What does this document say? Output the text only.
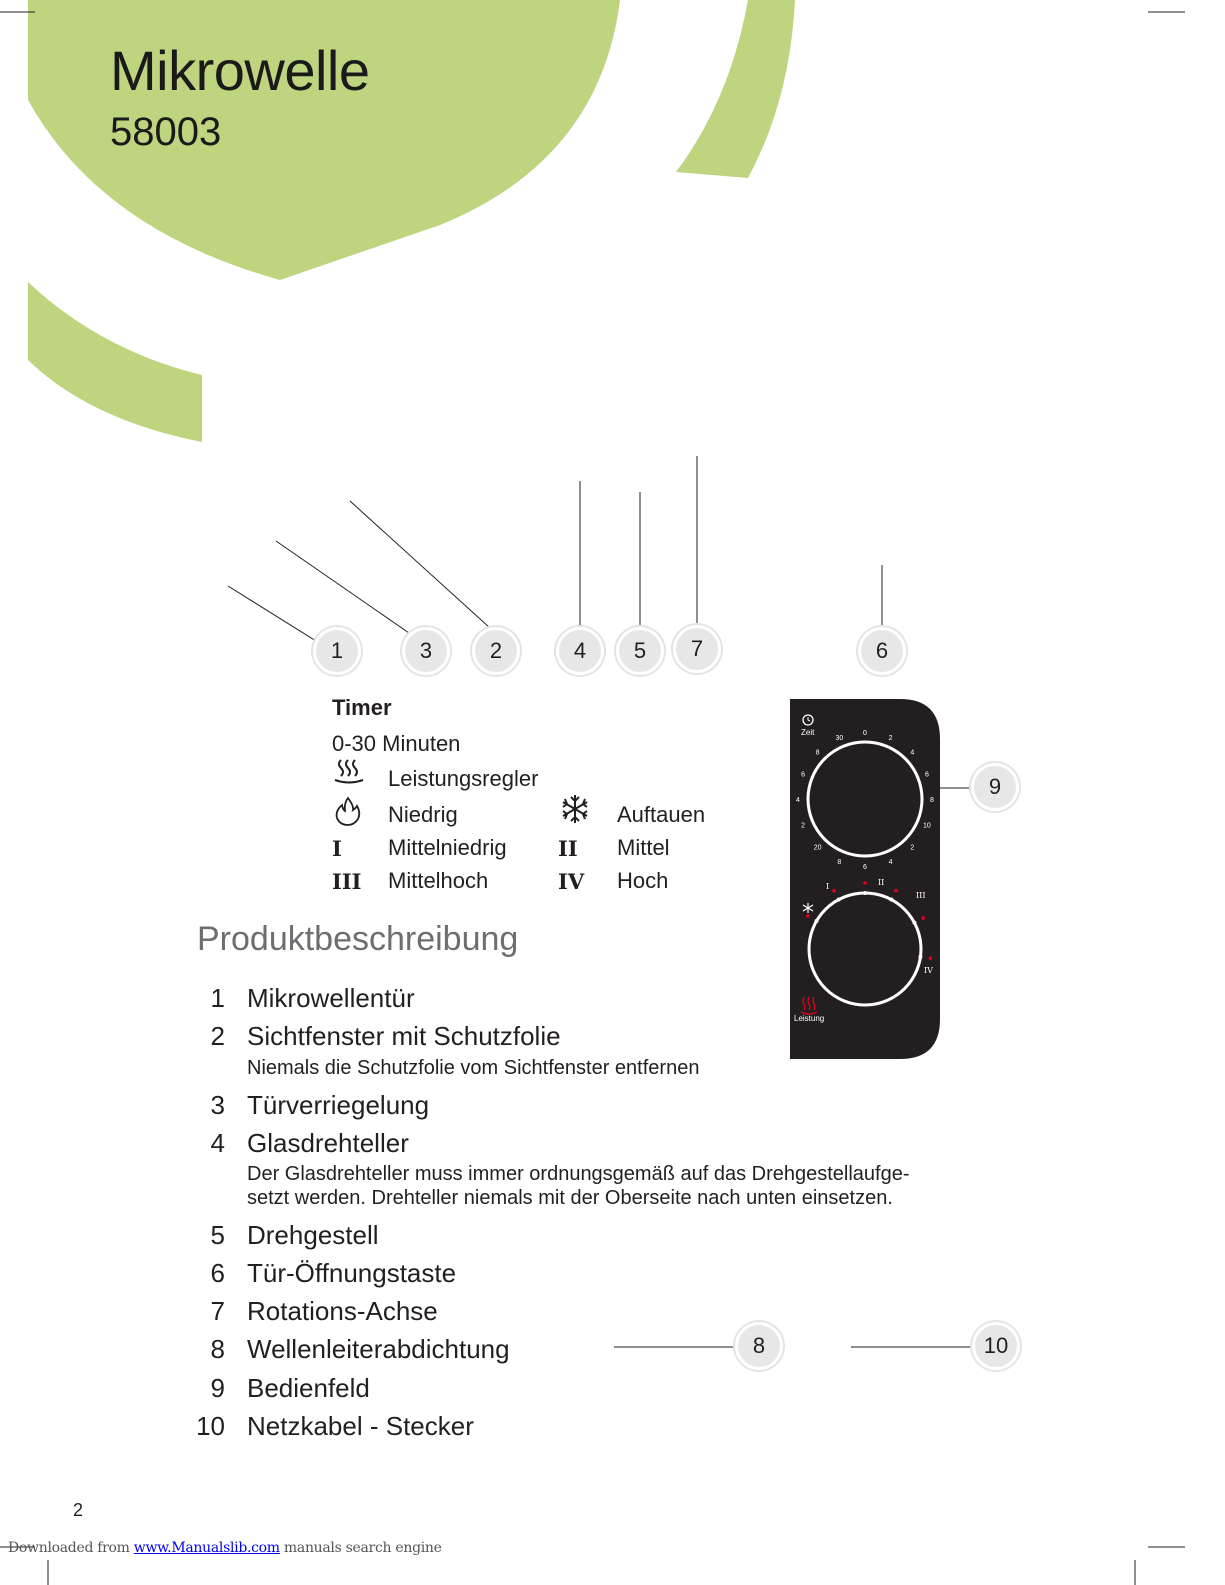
Mikrowelle
58003
1	3	2	4	5	7	6
9
8	10
Timer
0-30 Minuten
Leistungsregler
Niedrig	Auftauen
I Mittelniedrig II Mittel
III Mittelhoch	IV Hoch
Zeit	0
2
4
6
8
10
2
4
6
8
20
2
4
6
8
30
I	II
III
IV
Leistung
Produktbeschreibung
1 Mikrowellentür
2 Sichtfenster mit Schutzfolie
Niemals die Schutzfolie vom Sichtfenster entfernen
3 Türverriegelung
4 Glasdrehteller
Der Glasdrehteller muss immer ordnungsgemäß auf das Drehgestellaufge-
setzt werden. Drehteller niemals mit der Oberseite nach unten einsetzen.
5 Drehgestell
6 Tür-Öffnungstaste
7 Rotations-Achse
8 Wellenleiterabdichtung
9 Bedienfeld
10 Netzkabel - Stecker
2
Downloaded from www.Manualslib.com manuals search engine
